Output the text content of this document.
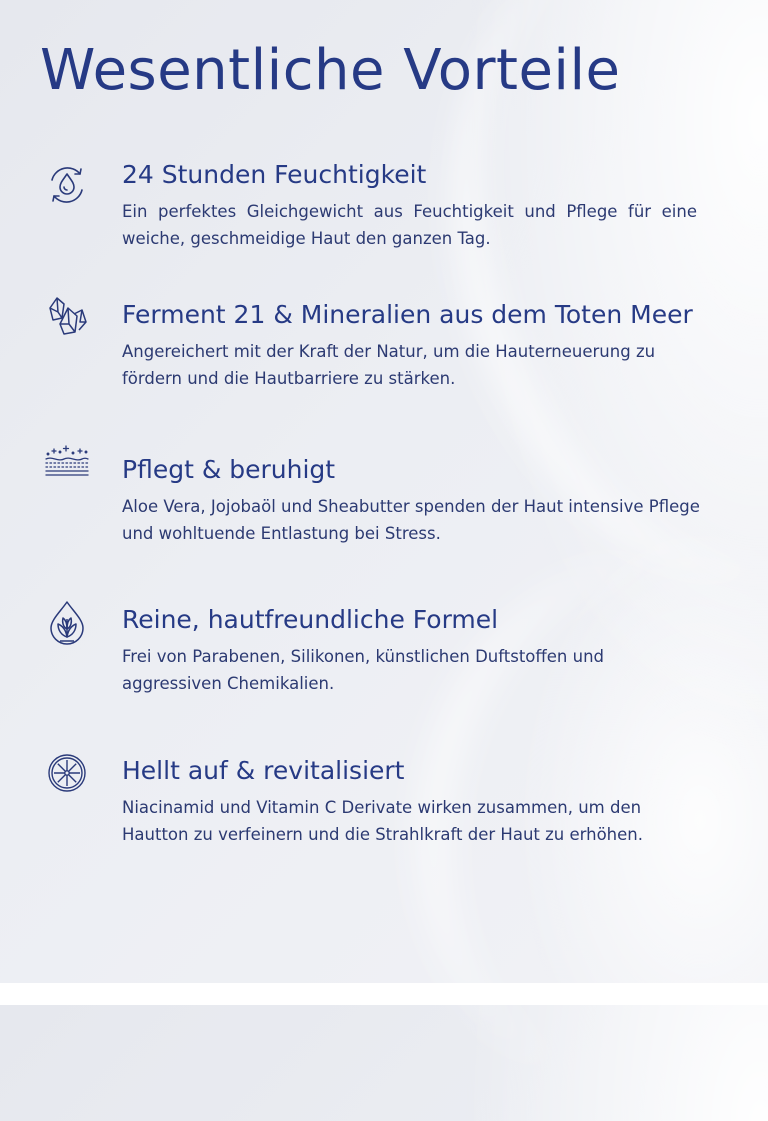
Wesentliche Vorteile
24 Stunden Feuchtigkeit

Ein perfektes Gleichgewicht aus Feuchtigkeit und Pflege für eine weiche, geschmeidige Haut den ganzen Tag.

Ferment 21 & Mineralien aus dem Toten Meer

Angereichert mit der Kraft der Natur, um die Hauterneuerung zu fördern und die Hautbarriere zu stärken.

Pflegt & beruhigt

Aloe Vera, Jojobaöl und Sheabutter spenden der Haut intensive Pflege und wohltuende Entlastung bei Stress.

Reine, hautfreundliche Formel

Frei von Parabenen, Silikonen, künstlichen Duftstoffen und aggressiven Chemikalien.

Hellt auf & revitalisiert

Niacinamid und Vitamin C Derivate wirken zusammen, um den Hautton zu verfeinern und die Strahlkraft der Haut zu erhöhen.
